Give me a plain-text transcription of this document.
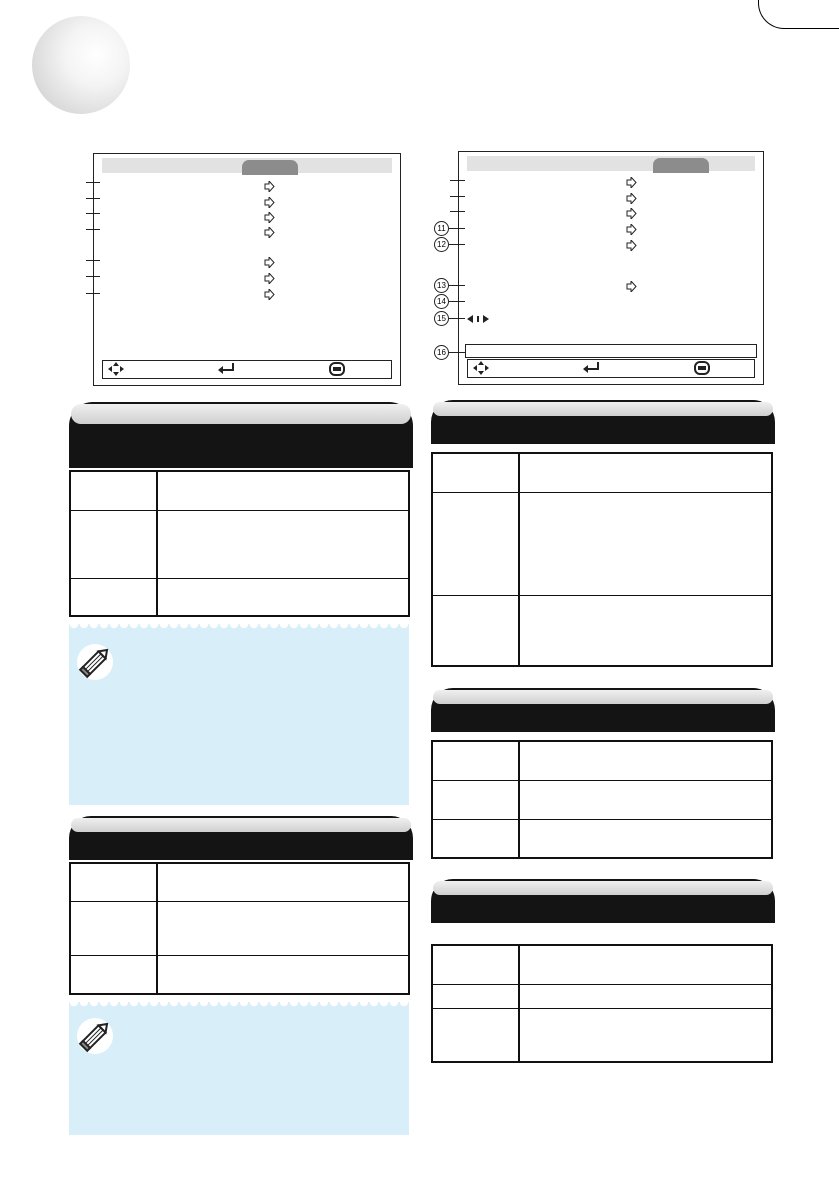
11
12
13
14
15
16
